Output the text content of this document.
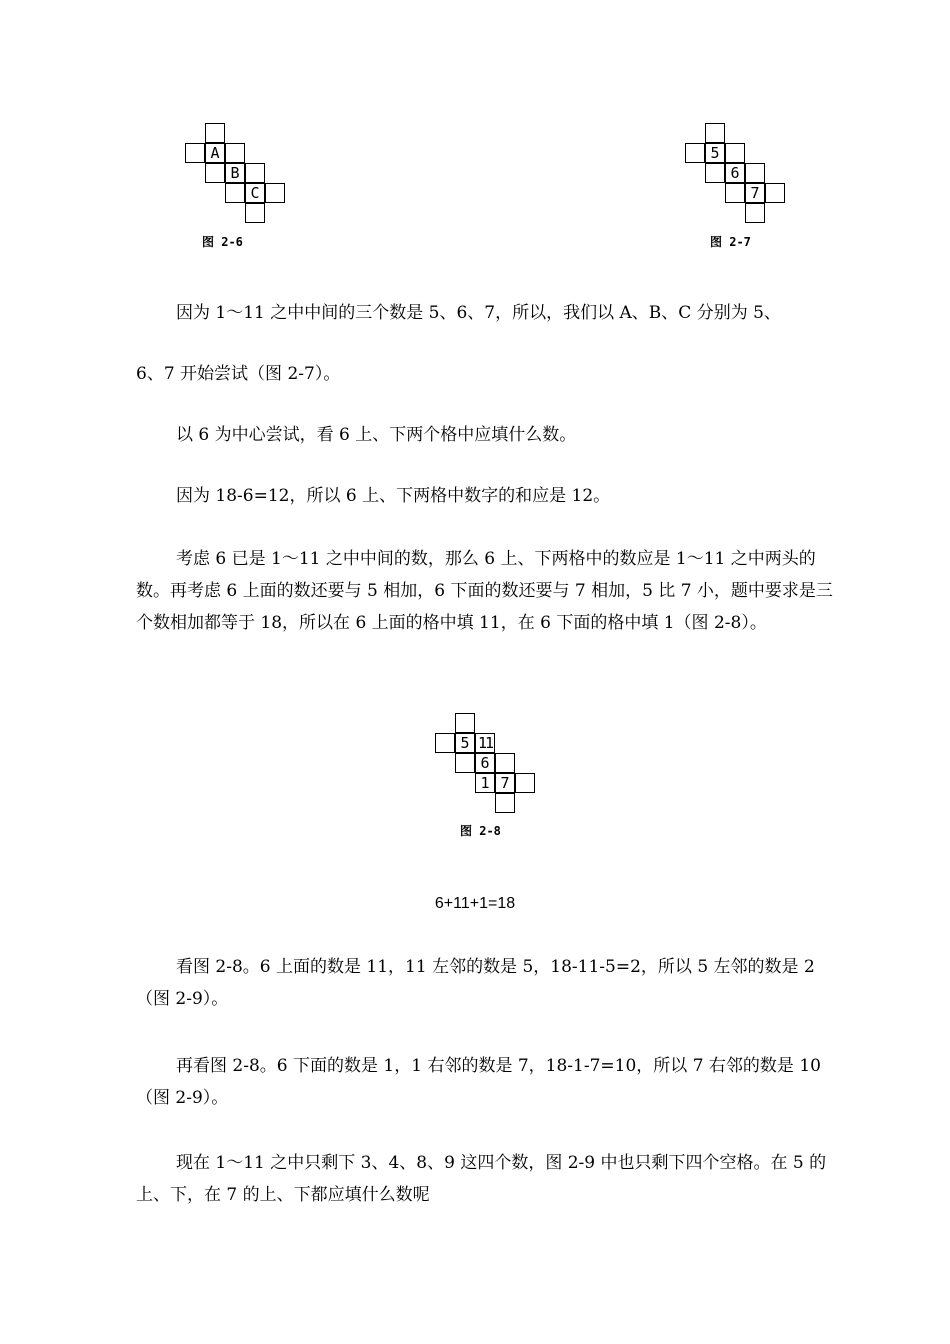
A
B
C
图 2-6
5
6
7
图 2-7

因为 1～11 之中中间的三个数是 5、6、7，所以，我们以 A、B、C 分别为 5、

6、7 开始尝试（图 2-7）。

以 6 为中心尝试，看 6 上、下两个格中应填什么数。

因为 18-6=12，所以 6 上、下两格中数字的和应是 12。

考虑 6 已是 1～11 之中中间的数，那么 6 上、下两格中的数应是 1～11 之中两头的数。再考虑 6 上面的数还要与 5 相加，6 下面的数还要与 7 相加，5 比 7 小，题中要求是三个数相加都等于 18，所以在 6 上面的格中填 11，在 6 下面的格中填 1（图 2-8）。

5 11
6
1 7
图 2-8
6+11+1=18

看图 2-8。6 上面的数是 11，11 左邻的数是 5，18-11-5=2，所以 5 左邻的数是 2（图 2-9）。

再看图 2-8。6 下面的数是 1，1 右邻的数是 7，18-1-7=10，所以 7 右邻的数是 10（图 2-9）。

现在 1～11 之中只剩下 3、4、8、9 这四个数，图 2-9 中也只剩下四个空格。在 5 的上、下，在 7 的上、下都应填什么数呢
